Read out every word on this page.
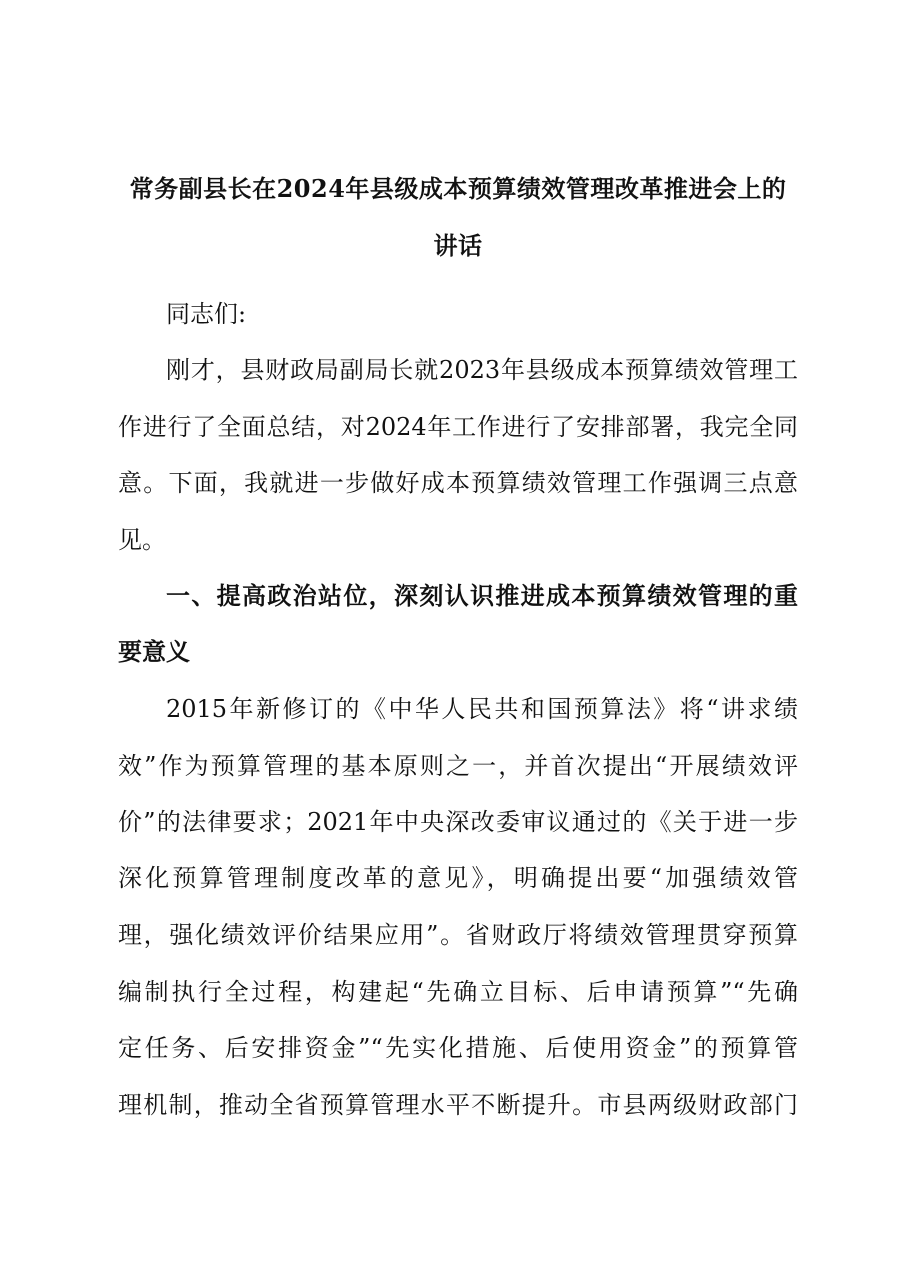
常务副县长在2024年县级成本预算绩效管理改革推进会上的讲话
同志们:
刚才，县财政局副局长就2023年县级成本预算绩效管理工
作进行了全面总结，对2024年工作进行了安排部署，我完全同
意。下面，我就进一步做好成本预算绩效管理工作强调三点意
见。
一、提高政治站位，深刻认识推进成本预算绩效管理的重
要意义
2015年新修订的《中华人民共和国预算法》将“讲求绩
效”作为预算管理的基本原则之一，并首次提出“开展绩效评
价”的法律要求；2021年中央深改委审议通过的《关于进一步
深化预算管理制度改革的意见》，明确提出要“加强绩效管
理，强化绩效评价结果应用”。省财政厅将绩效管理贯穿预算
编制执行全过程，构建起“先确立目标、后申请预算”“先确
定任务、后安排资金”“先实化措施、后使用资金”的预算管
理机制，推动全省预算管理水平不断提升。市县两级财政部门
